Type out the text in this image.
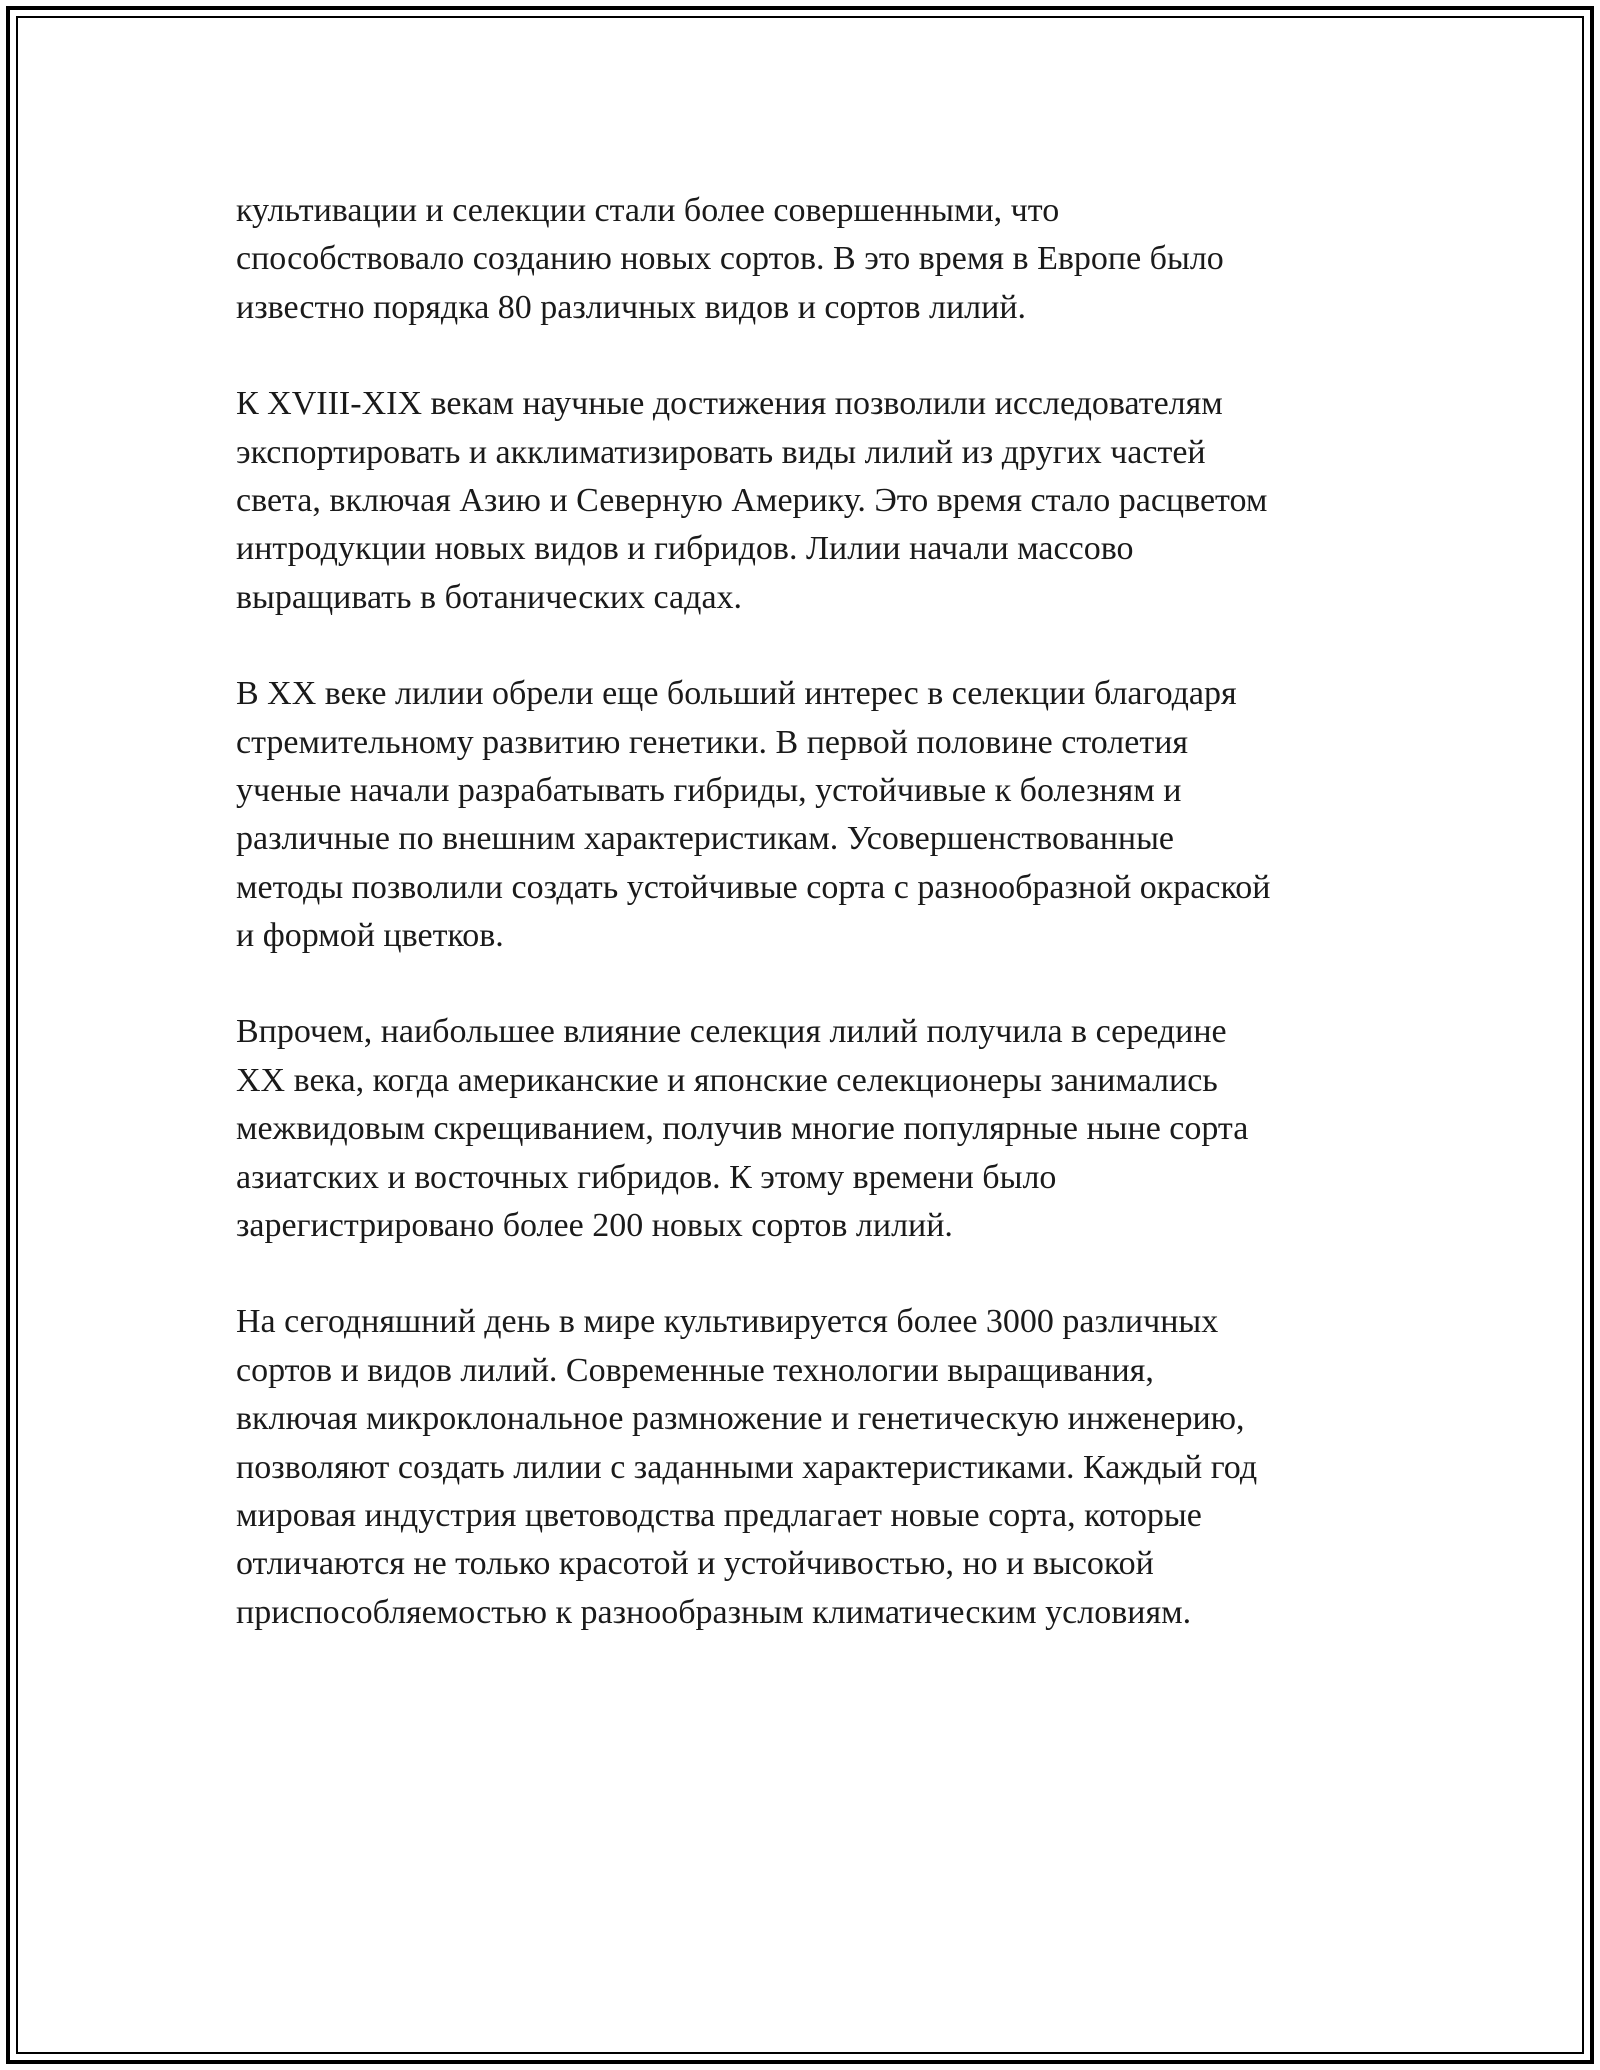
культивации и селекции стали более совершенными, что
способствовало созданию новых сортов. В это время в Европе было
известно порядка 80 различных видов и сортов лилий.

К XVIII-XIX векам научные достижения позволили исследователям
экспортировать и акклиматизировать виды лилий из других частей
света, включая Азию и Северную Америку. Это время стало расцветом
интродукции новых видов и гибридов. Лилии начали массово
выращивать в ботанических садах.

В XX веке лилии обрели еще больший интерес в селекции благодаря
стремительному развитию генетики. В первой половине столетия
ученые начали разрабатывать гибриды, устойчивые к болезням и
различные по внешним характеристикам. Усовершенствованные
методы позволили создать устойчивые сорта с разнообразной окраской
и формой цветков.

Впрочем, наибольшее влияние селекция лилий получила в середине
XX века, когда американские и японские селекционеры занимались
межвидовым скрещиванием, получив многие популярные ныне сорта
азиатских и восточных гибридов. К этому времени было
зарегистрировано более 200 новых сортов лилий.

На сегодняшний день в мире культивируется более 3000 различных
сортов и видов лилий. Современные технологии выращивания,
включая микроклональное размножение и генетическую инженерию,
позволяют создать лилии с заданными характеристиками. Каждый год
мировая индустрия цветоводства предлагает новые сорта, которые
отличаются не только красотой и устойчивостью, но и высокой
приспособляемостью к разнообразным климатическим условиям.
